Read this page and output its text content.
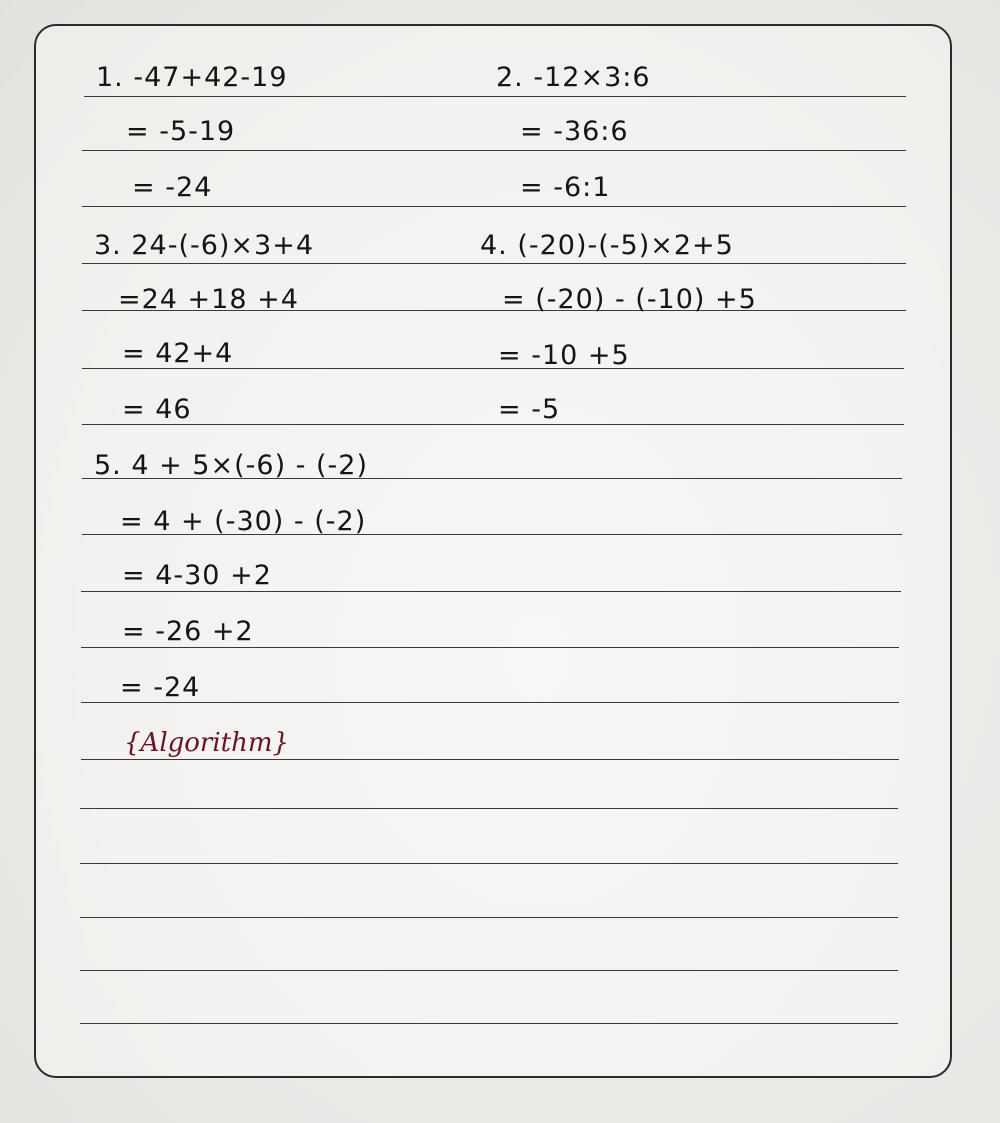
1. -47+42-19
= -5-19
= -24
2. -12×3:6
= -36:6
= -6:1
3. 24-(-6)×3+4
=24 +18 +4
= 42+4
= 46
4. (-20)-(-5)×2+5
= (-20) - (-10) +5
= -10 +5
= -5
5. 4 + 5×(-6) - (-2)
= 4 + (-30) - (-2)
= 4-30 +2
= -26 +2
= -24
{Algorithm}
